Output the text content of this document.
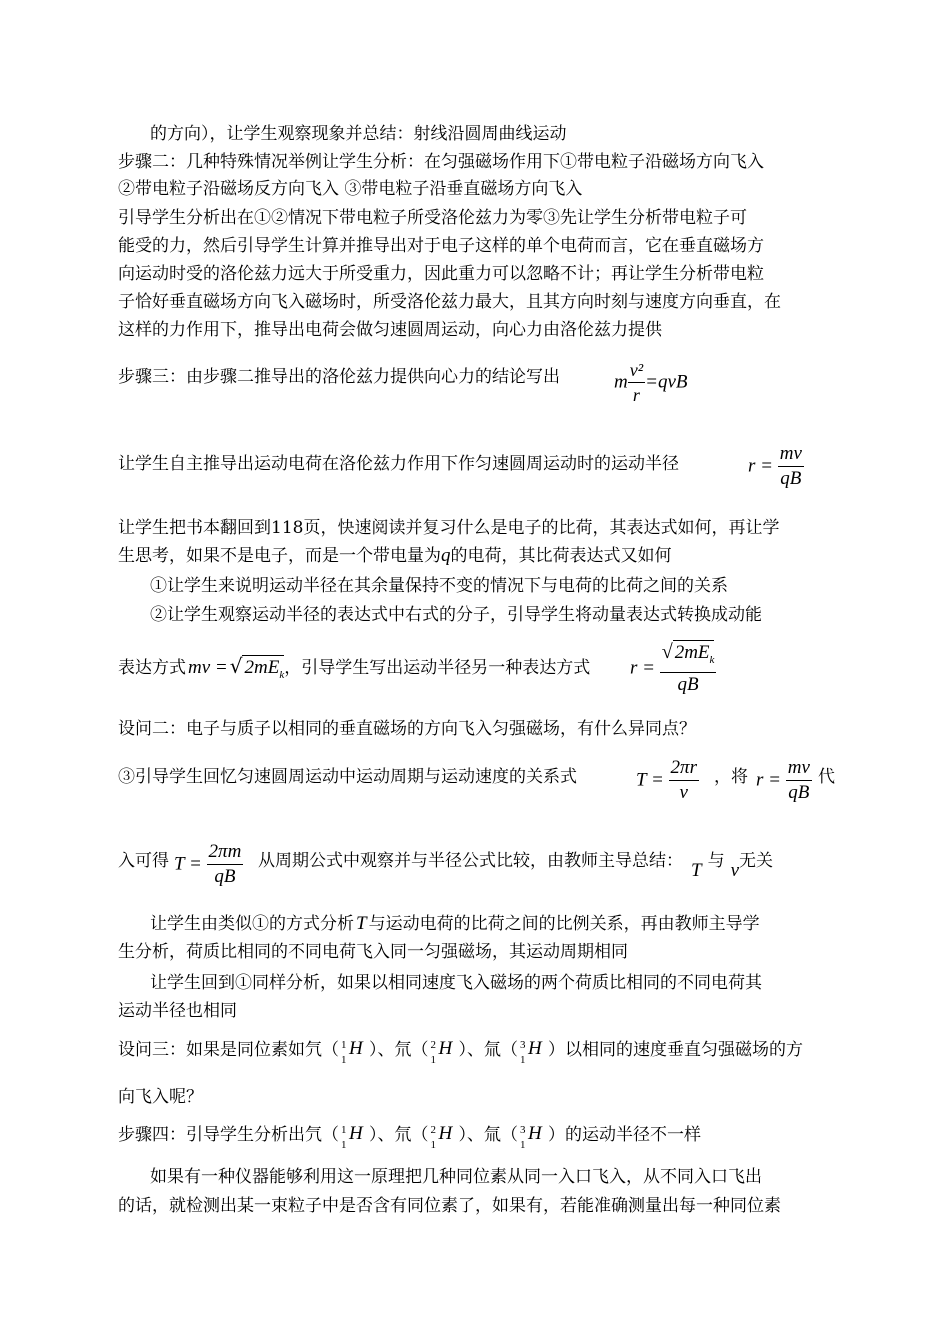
的方向），让学生观察现象并总结：射线沿圆周曲线运动
步骤二：几种特殊情况举例让学生分析：在匀强磁场作用下①带电粒子沿磁场方向飞入
②带电粒子沿磁场反方向飞入 ③带电粒子沿垂直磁场方向飞入
引导学生分析出在①②情况下带电粒子所受洛伦兹力为零③先让学生分析带电粒子可
能受的力，然后引导学生计算并推导出对于电子这样的单个电荷而言，它在垂直磁场方
向运动时受的洛伦兹力远大于所受重力，因此重力可以忽略不计；再让学生分析带电粒
子恰好垂直磁场方向飞入磁场时，所受洛伦兹力最大，且其方向时刻与速度方向垂直，在
这样的力作用下，推导出电荷会做匀速圆周运动，向心力由洛伦兹力提供
步骤三：由步骤二推导出的洛伦兹力提供向心力的结论写出	m $\frac{\text{v²}}{r} =qvB$
让学生自主推导出运动电荷在洛伦兹力作用下作匀速圆周运动时的运动半径	$r = \frac{mv}{qB}$
让学生把书本翻回到118页，快速阅读并复习什么是电子的比荷，其表达式如何，再让学
生思考，如果不是电子，而是一个带电量为q的电荷，其比荷表达式又如何
①让学生来说明运动半径在其余量保持不变的情况下与电荷的比荷之间的关系
②让学生观察运动半径的表达式中右式的分子，引导学生将动量表达式转换成动能
表达方式 mv = √ $2mE_k$，引导学生写出运动半径另一种表达方式 $r = \frac{√ 2mE_k}{qB}$
设问二：电子与质子以相同的垂直磁场的方向飞入匀强磁场，有什么异同点？
③引导学生回忆匀速圆周运动中运动周期与运动速度的关系式	$T = \frac{2\pi r}{v}$ ，将 $r = \frac{mv}{qB}$ 代
入可得 $T = \frac{2\pi m}{qB}$ 从周期公式中观察并与半径公式比较，由教师主导总结： T 与 v无关
让学生由类似①的方式分析 T 与运动电荷的比荷之间的比例关系，再由教师主导学
生分析，荷质比相同的不同电荷飞入同一匀强磁场，其运动周期相同
让学生回到①同样分析，如果以相同速度飞入磁场的两个荷质比相同的不同电荷其
运动半径也相同
设问三：如果是同位素如氕（ 1
1
H ）、氘（ 2
1
H ）、氚（ 3
1
H ）以相同的速度垂直匀强磁场的方
向飞入呢？
步骤四：引导学生分析出氕（ 1
1
H ）、氘（ 2
1
H ）、氚（ 3
1
H ）的运动半径不一样
如果有一种仪器能够利用这一原理把几种同位素从同一入口飞入，从不同入口飞出
的话，就检测出某一束粒子中是否含有同位素了，如果有，若能准确测量出每一种同位素
